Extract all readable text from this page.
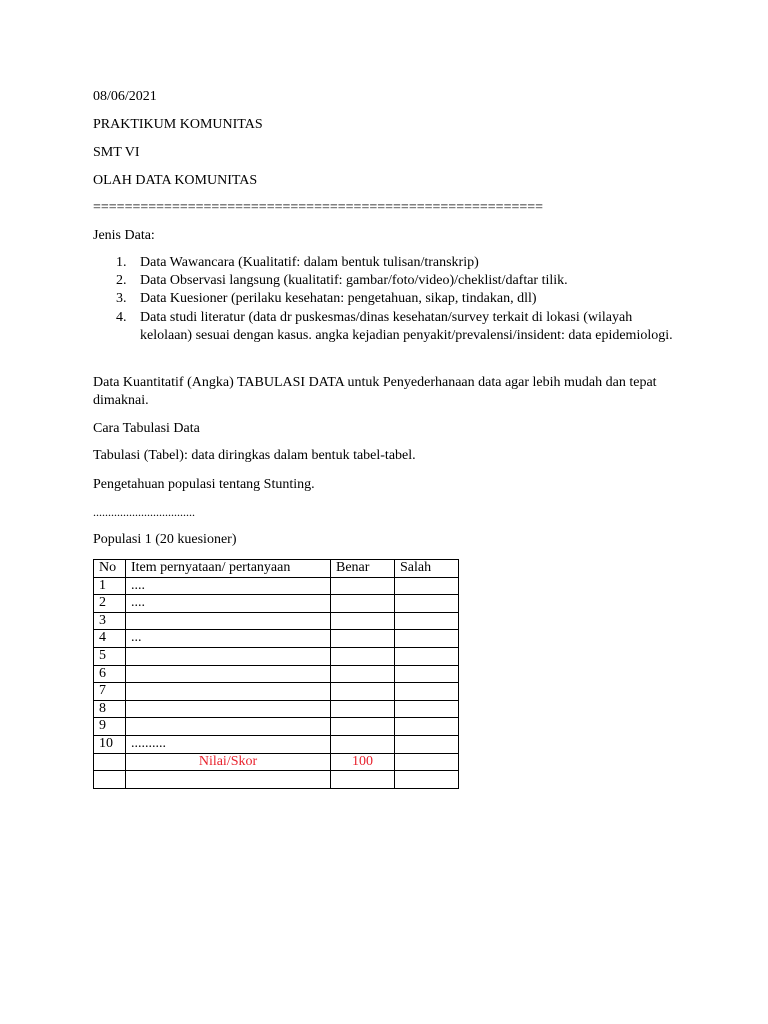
08/06/2021
PRAKTIKUM KOMUNITAS
SMT VI
OLAH DATA KOMUNITAS
=========================================================
Jenis Data:
1. Data Wawancara (Kualitatif: dalam bentuk tulisan/transkrip)
2. Data Observasi langsung (kualitatif: gambar/foto/video)/cheklist/daftar tilik.
3. Data Kuesioner (perilaku kesehatan: pengetahuan, sikap, tindakan, dll)
4. Data studi literatur (data dr puskesmas/dinas kesehatan/survey terkait di lokasi (wilayah kelolaan) sesuai dengan kasus. angka kejadian penyakit/prevalensi/insident: data epidemiologi.
Data Kuantitatif (Angka) TABULASI DATA untuk Penyederhanaan data agar lebih mudah dan tepat dimaknai.
Cara Tabulasi Data
Tabulasi (Tabel): data diringkas dalam bentuk tabel-tabel.
Pengetahuan populasi tentang Stunting.
..................................
Populasi 1 (20 kuesioner)
No	Item pernyataan/ pertanyaan	Benar	Salah
1	....		
2	....		
3			
4	...		
5			
6			
7			
8			
9			
10	..........		
	Nilai/Skor	100	
